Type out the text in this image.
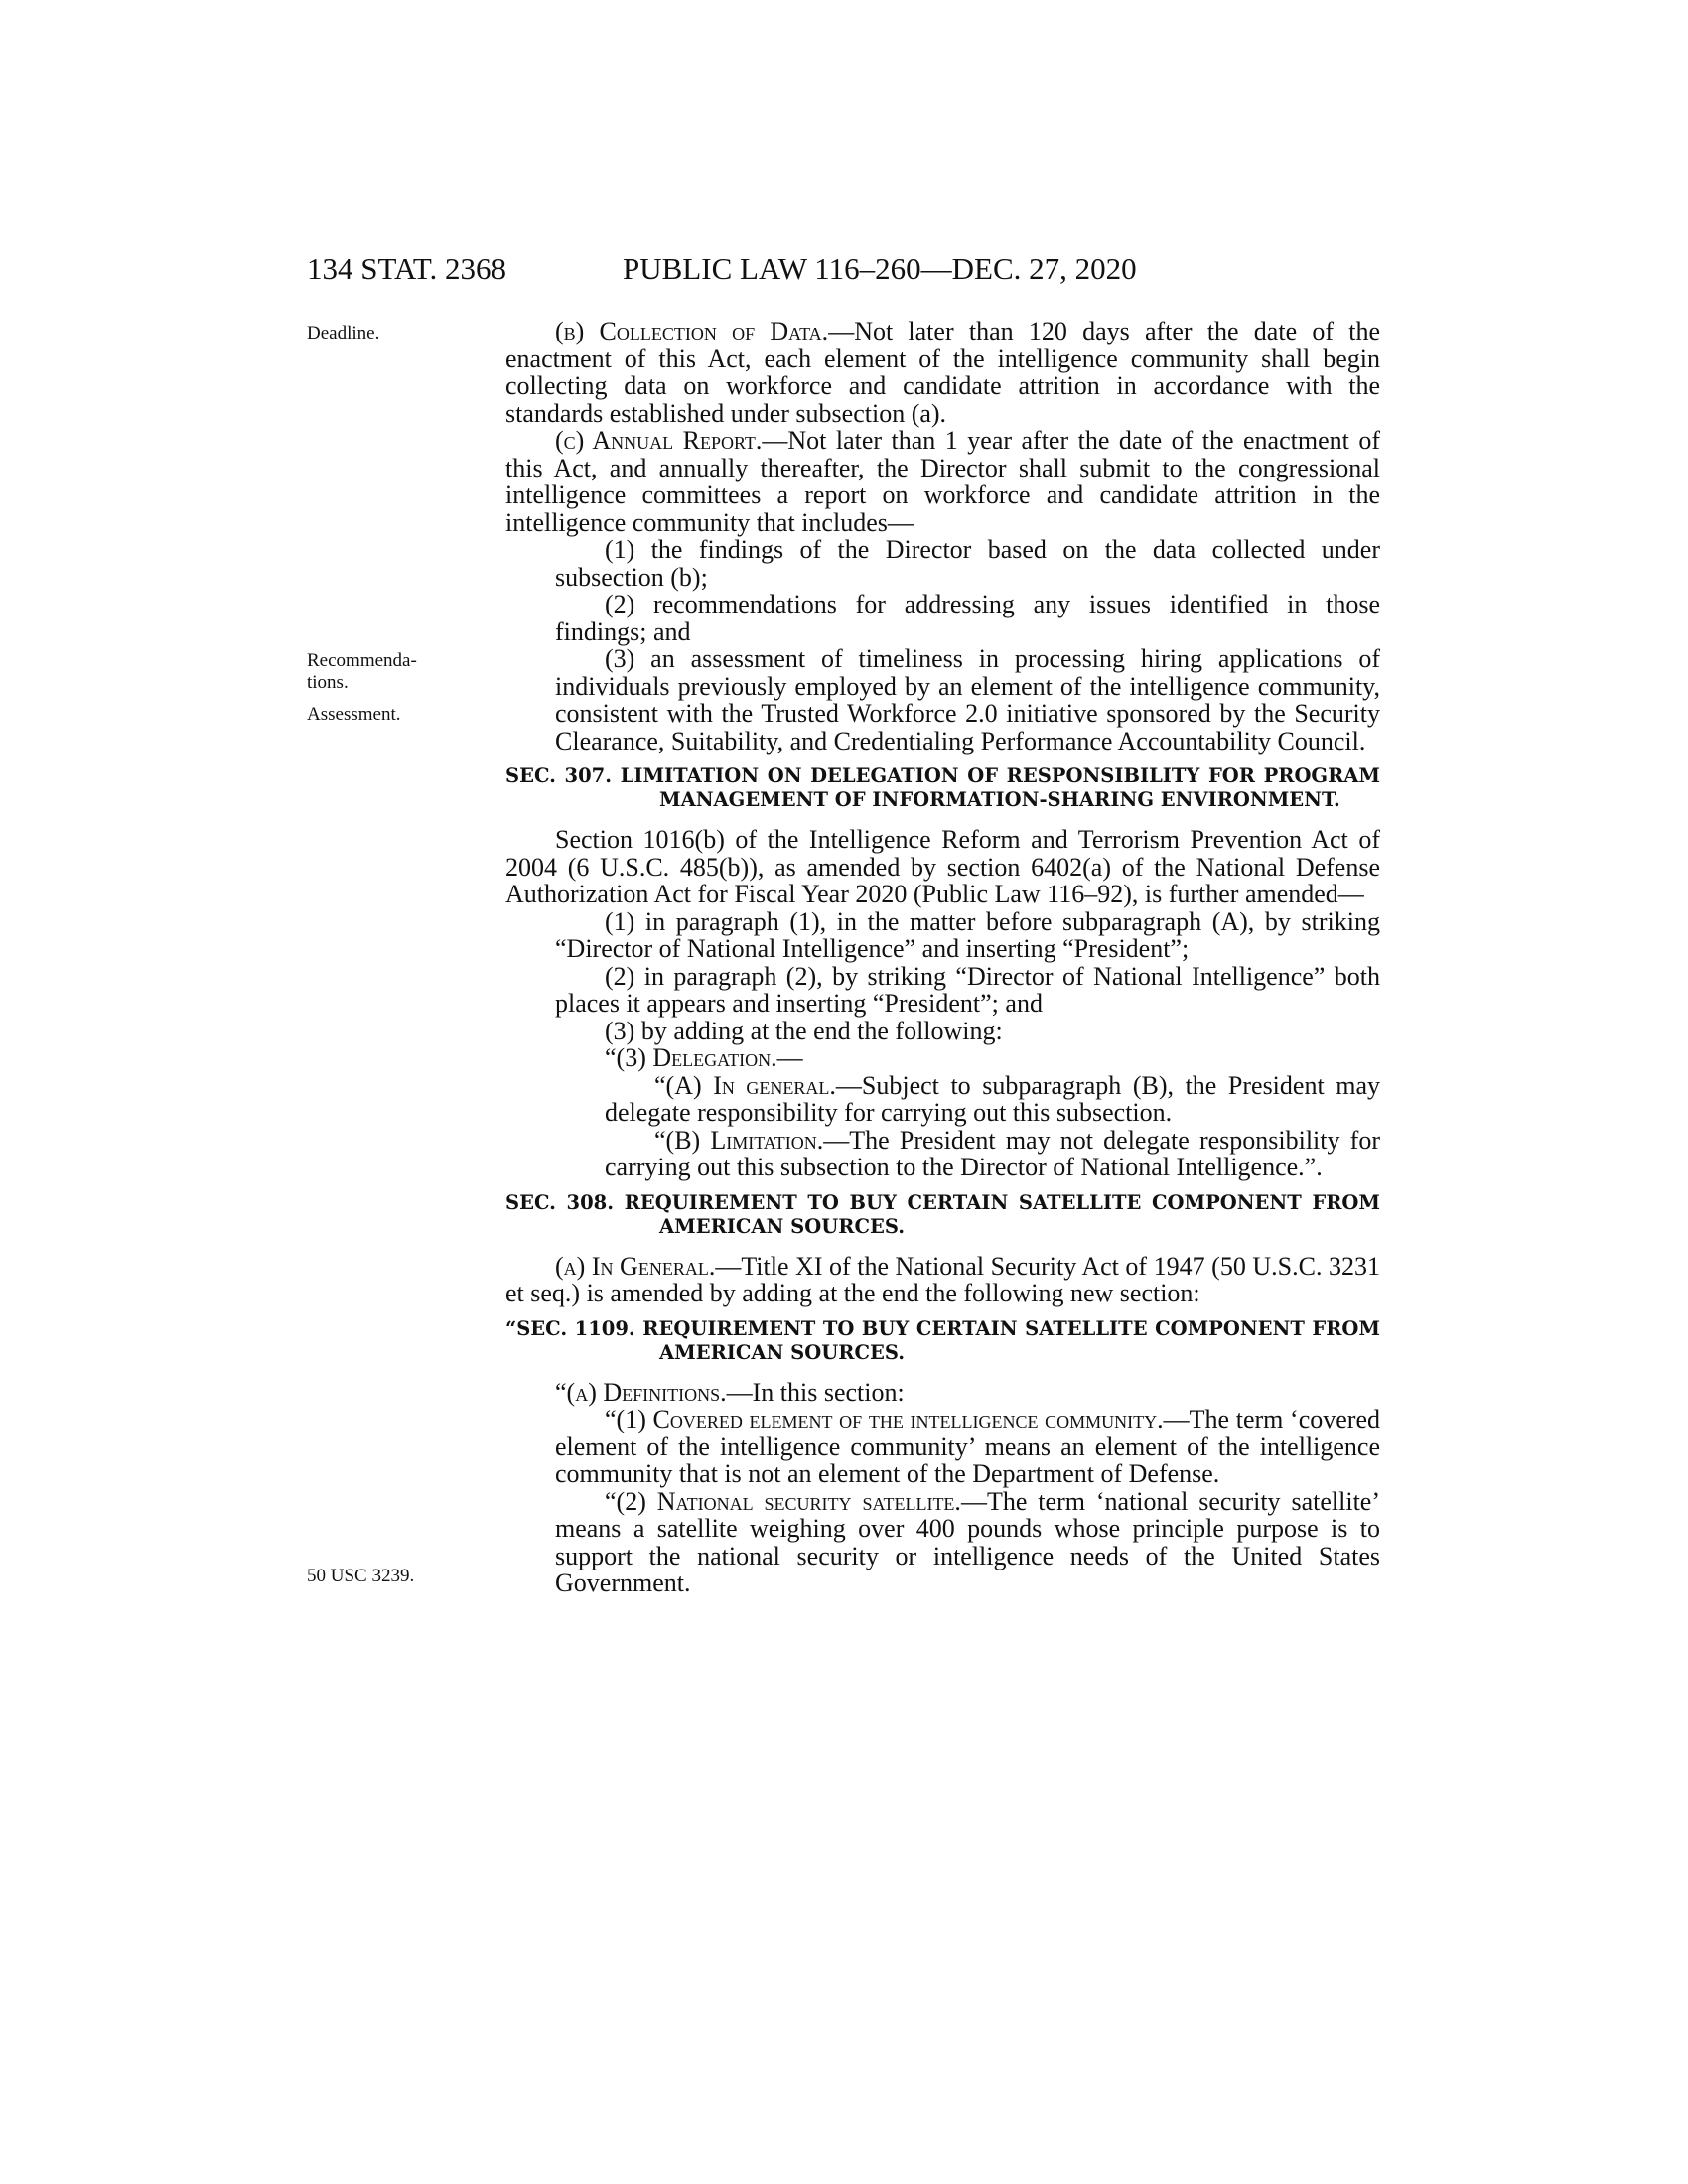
134 STAT. 2368	PUBLIC LAW 116–260—DEC. 27, 2020
Deadline.
Recommenda-
tions.
Assessment.
50 USC 3239.

(b) Collection of Data.—Not later than 120 days after the date of the enactment of this Act, each element of the intelligence community shall begin collecting data on workforce and candidate attrition in accordance with the standards established under subsection (a).

(c) Annual Report.—Not later than 1 year after the date of the enactment of this Act, and annually thereafter, the Director shall submit to the congressional intelligence committees a report on workforce and candidate attrition in the intelligence community that includes—

(1) the findings of the Director based on the data collected under subsection (b);

(2) recommendations for addressing any issues identified in those findings; and

(3) an assessment of timeliness in processing hiring applications of individuals previously employed by an element of the intelligence community, consistent with the Trusted Workforce 2.0 initiative sponsored by the Security Clearance, Suitability, and Credentialing Performance Accountability Council.

SEC. 307. LIMITATION ON DELEGATION OF RESPONSIBILITY FOR PROGRAM MANAGEMENT OF INFORMATION-SHARING ENVIRONMENT.

Section 1016(b) of the Intelligence Reform and Terrorism Prevention Act of 2004 (6 U.S.C. 485(b)), as amended by section 6402(a) of the National Defense Authorization Act for Fiscal Year 2020 (Public Law 116–92), is further amended—

(1) in paragraph (1), in the matter before subparagraph (A), by striking “Director of National Intelligence” and inserting “President”;

(2) in paragraph (2), by striking “Director of National Intelligence” both places it appears and inserting “President”; and

(3) by adding at the end the following:

“(3) Delegation.—

“(A) In general.—Subject to subparagraph (B), the President may delegate responsibility for carrying out this subsection.

“(B) Limitation.—The President may not delegate responsibility for carrying out this subsection to the Director of National Intelligence.”.

SEC. 308. REQUIREMENT TO BUY CERTAIN SATELLITE COMPONENT FROM AMERICAN SOURCES.

(a) In General.—Title XI of the National Security Act of 1947 (50 U.S.C. 3231 et seq.) is amended by adding at the end the following new section:

“SEC. 1109. REQUIREMENT TO BUY CERTAIN SATELLITE COMPONENT FROM AMERICAN SOURCES.

“(a) Definitions.—In this section:

“(1) Covered element of the intelligence community.—The term ‘covered element of the intelligence community’ means an element of the intelligence community that is not an element of the Department of Defense.

“(2) National security satellite.—The term ‘national security satellite’ means a satellite weighing over 400 pounds whose principle purpose is to support the national security or intelligence needs of the United States Government.
